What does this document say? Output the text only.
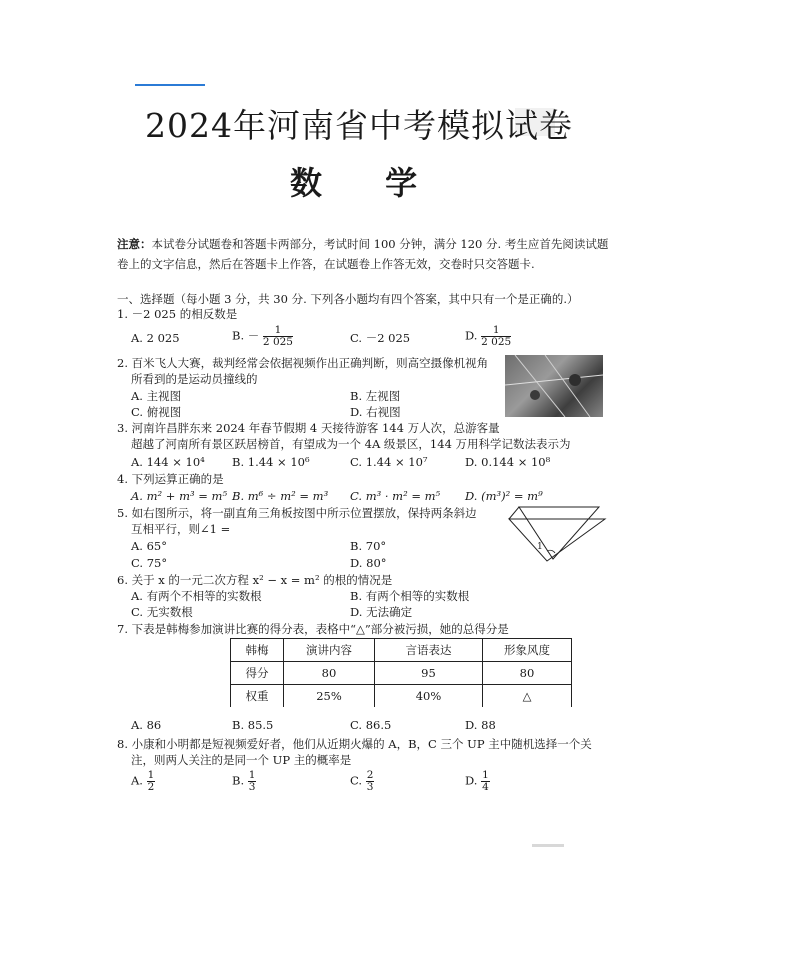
2024年河南省中考模拟试卷
数 学
注意：本试卷分试题卷和答题卡两部分，考试时间 100 分钟，满分 120 分. 考生应首先阅读试题卷上的文字信息，然后在答题卡上作答，在试题卷上作答无效，交卷时只交答题卡.
一、选择题（每小题 3 分，共 30 分. 下列各小题均有四个答案，其中只有一个是正确的.）
1. －2 025 的相反数是
A. 2 025	B. － $\frac{1}{2 025}$	C. －2 025	D. $\frac{1}{2 025}$
2. 百米飞人大赛，裁判经常会依据视频作出正确判断，则高空摄像机视角
所看到的是运动员撞线的
A. 主视图	B. 左视图
C. 俯视图	D. 右视图
3. 河南许昌胖东来 2024 年春节假期 4 天接待游客 144 万人次，总游客量
超越了河南所有景区跃居榜首，有望成为一个 4A 级景区，144 万用科学记数法表示为
A. 144 × 10⁴ B. 1.44 × 10⁶	C. 1.44 × 10⁷	D. 0.144 × 10⁸
4. 下列运算正确的是
A. m² + m³ = m⁵ B. m⁶ ÷ m² = m³ C. m³ · m² = m⁵ D. (m³)² = m⁹
5. 如右图所示，将一副直角三角板按图中所示位置摆放，保持两条斜边
互相平行，则∠1 =
A. 65°	B. 70°
C. 75°	D. 80°
1
6. 关于 x 的一元二次方程 x² − x = m² 的根的情况是
A. 有两个不相等的实数根	B. 有两个相等的实数根
C. 无实数根	D. 无法确定
7. 下表是韩梅参加演讲比赛的得分表，表格中“△”部分被污损，她的总得分是
韩梅	演讲内容	言语表达	形象风度
得分	80	95	80
权重	25%	40%	△
A. 86	B. 85.5	C. 86.5	D. 88
8. 小康和小明都是短视频爱好者，他们从近期火爆的 A，B，C 三个 UP 主中随机选择一个关
注，则两人关注的是同一个 UP 主的概率是
A. $\frac{1}{2}$	B. $\frac{1}{3}$	C. $\frac{2}{3}$	D. $\frac{1}{4}$
